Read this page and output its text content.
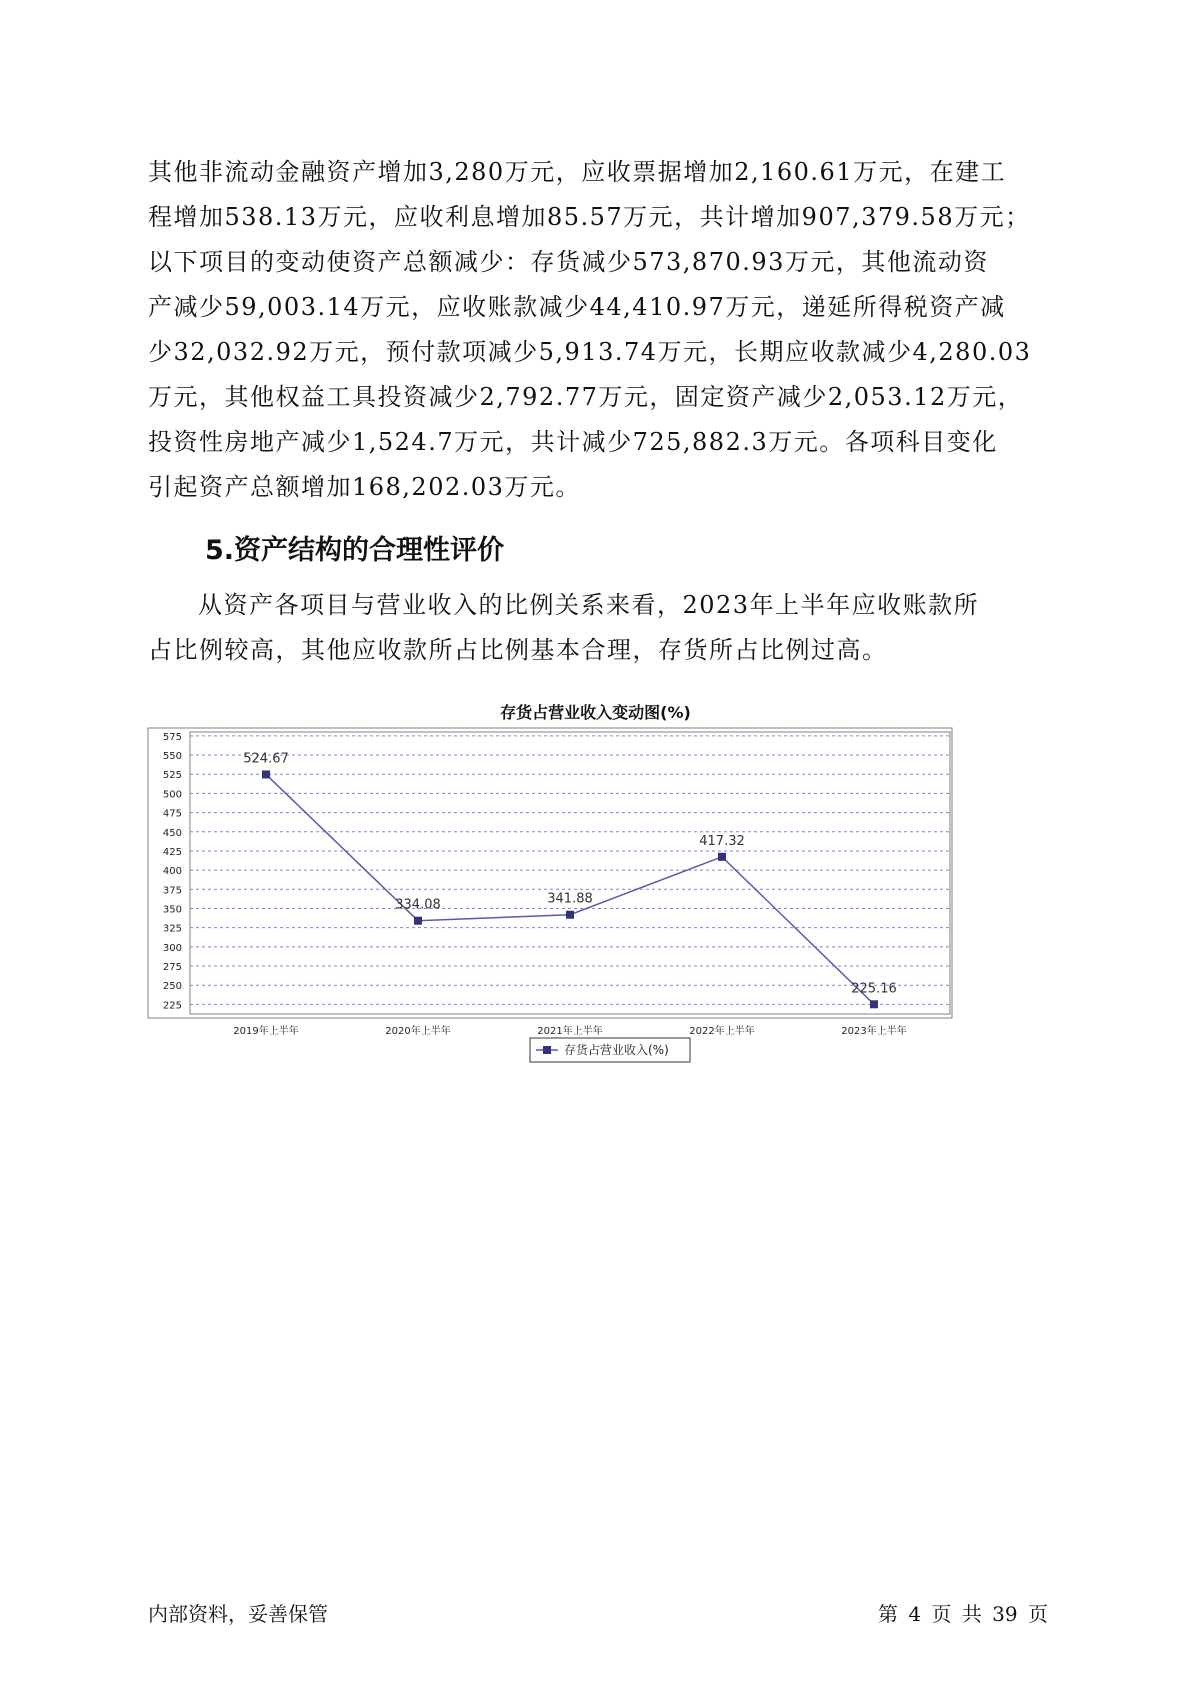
其他非流动金融资产增加3,280万元，应收票据增加2,160.61万元，在建工
程增加538.13万元，应收利息增加85.57万元，共计增加907,379.58万元；
以下项目的变动使资产总额减少：存货减少573,870.93万元，其他流动资
产减少59,003.14万元，应收账款减少44,410.97万元，递延所得税资产减
少32,032.92万元，预付款项减少5,913.74万元，长期应收款减少4,280.03
万元，其他权益工具投资减少2,792.77万元，固定资产减少2,053.12万元，
投资性房地产减少1,524.7万元，共计减少725,882.3万元。各项科目变化
引起资产总额增加168,202.03万元。
5.资产结构的合理性评价
从资产各项目与营业收入的比例关系来看，2023年上半年应收账款所
占比例较高，其他应收款所占比例基本合理，存货所占比例过高。
存货占营业收入变动图(%)
575
550
525
500
475
450
425
400
375
350
325
300
275
250
225
2019年上半年	2020年上半年	2021年上半年	2022年上半年	2023年上半年
524.67
334.08	341.88
417.32
225.16
存货占营业收入(%)
内部资料，妥善保管	第 4 页 共 39 页
